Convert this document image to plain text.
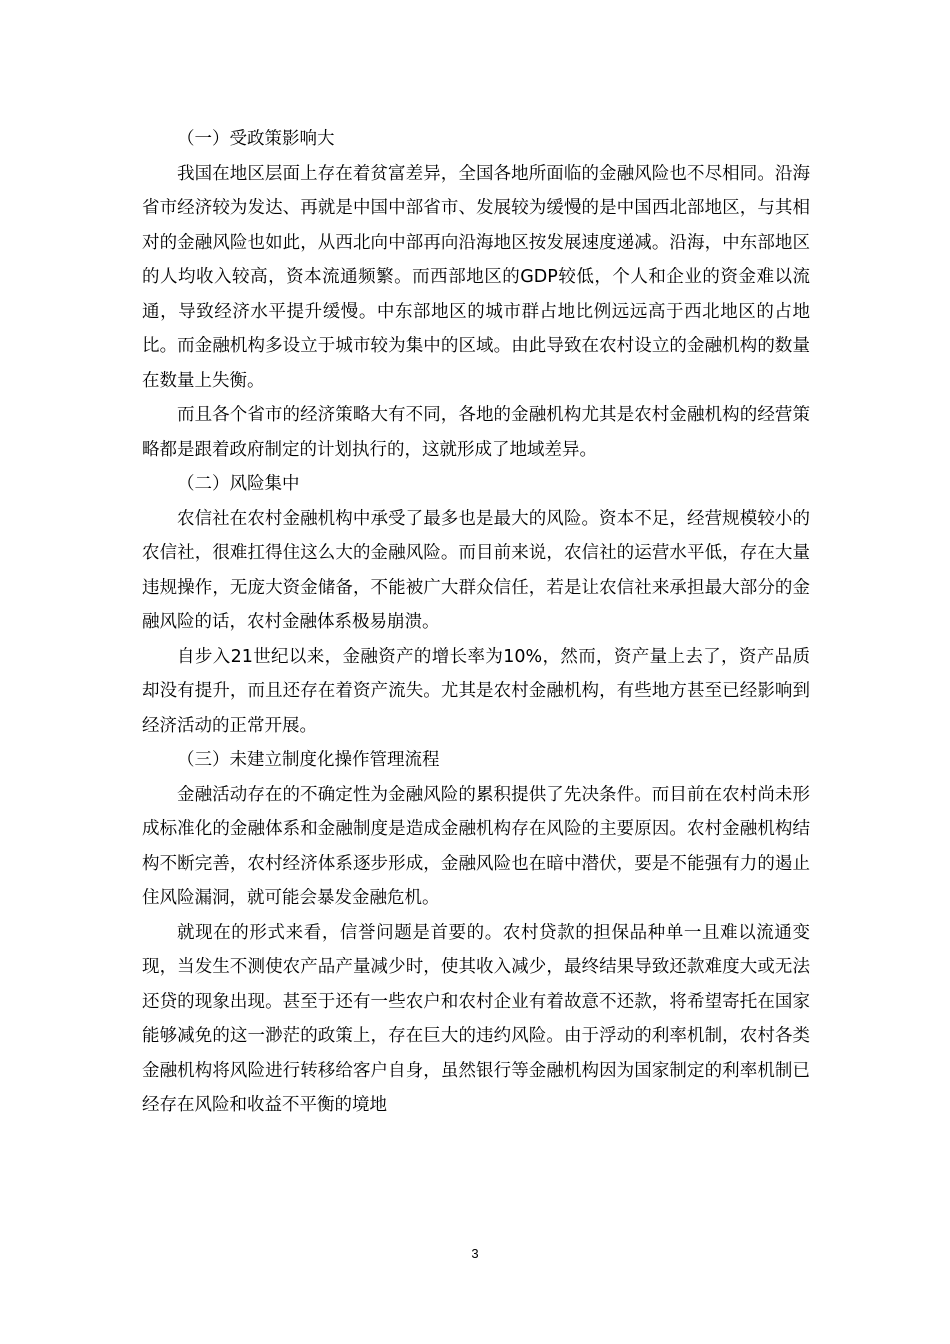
（一）受政策影响大

我国在地区层面上存在着贫富差异，全国各地所面临的金融风险也不尽相同。沿海省市经济较为发达、再就是中国中部省市、发展较为缓慢的是中国西北部地区，与其相对的金融风险也如此，从西北向中部再向沿海地区按发展速度递减。沿海，中东部地区的人均收入较高，资本流通频繁。而西部地区的GDP较低，个人和企业的资金难以流通，导致经济水平提升缓慢。中东部地区的城市群占地比例远远高于西北地区的占地比。而金融机构多设立于城市较为集中的区域。由此导致在农村设立的金融机构的数量在数量上失衡。

而且各个省市的经济策略大有不同，各地的金融机构尤其是农村金融机构的经营策略都是跟着政府制定的计划执行的，这就形成了地域差异。

（二）风险集中

农信社在农村金融机构中承受了最多也是最大的风险。资本不足，经营规模较小的农信社，很难扛得住这么大的金融风险。而目前来说，农信社的运营水平低，存在大量违规操作，无庞大资金储备，不能被广大群众信任，若是让农信社来承担最大部分的金融风险的话，农村金融体系极易崩溃。

自步入21世纪以来，金融资产的增长率为10%，然而，资产量上去了，资产品质却没有提升，而且还存在着资产流失。尤其是农村金融机构，有些地方甚至已经影响到经济活动的正常开展。

（三）未建立制度化操作管理流程

金融活动存在的不确定性为金融风险的累积提供了先决条件。而目前在农村尚未形成标准化的金融体系和金融制度是造成金融机构存在风险的主要原因。农村金融机构结构不断完善，农村经济体系逐步形成，金融风险也在暗中潜伏，要是不能强有力的遏止住风险漏洞，就可能会暴发金融危机。

就现在的形式来看，信誉问题是首要的。农村贷款的担保品种单一且难以流通变现，当发生不测使农产品产量减少时，使其收入减少，最终结果导致还款难度大或无法还贷的现象出现。甚至于还有一些农户和农村企业有着故意不还款，将希望寄托在国家能够减免的这一渺茫的政策上，存在巨大的违约风险。由于浮动的利率机制，农村各类金融机构将风险进行转移给客户自身，虽然银行等金融机构因为国家制定的利率机制已经存在风险和收益不平衡的境地

3
